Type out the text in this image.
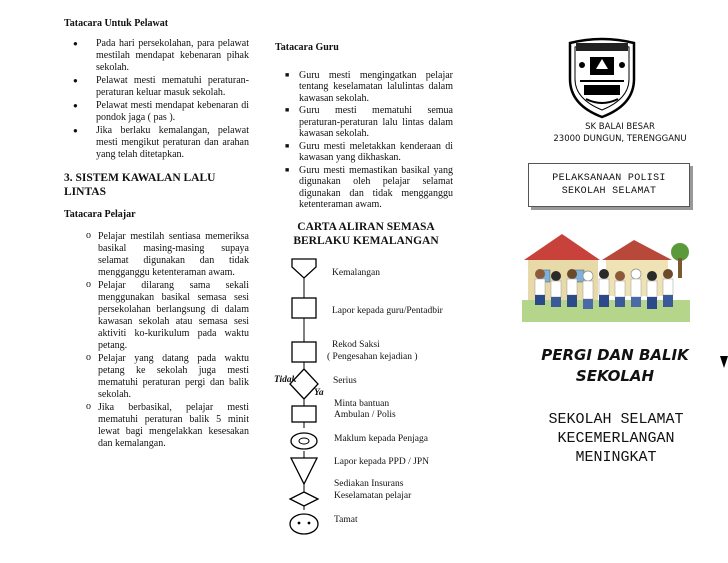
Tatacara Untuk Pelawat
● Pada hari persekolahan, para pelawat mestilah mendapat kebenaran pihak sekolah.
● Pelawat mesti mematuhi peraturan-peraturan keluar masuk sekolah.
● Pelawat mesti mendapat kebenaran di pondok jaga ( pas ).
● Jika berlaku kemalangan, pelawat mesti mengikut peraturan dan arahan yang telah ditetapkan.
3. SISTEM KAWALAN LALU LINTAS
Tatacara Pelajar
o Pelajar mestilah sentiasa memeriksa basikal masing-masing supaya selamat digunakan dan tidak mengganggu ketenteraman awam.
o Pelajar dilarang sama sekali menggunakan basikal semasa sesi persekolahan berlangsung di dalam kawasan sekolah atau semasa sesi aktiviti ko-kurikulum pada waktu petang.
o Pelajar yang datang pada waktu petang ke sekolah juga mesti mematuhi peraturan pergi dan balik sekolah.
o Jika berbasikal, pelajar mesti mematuhi peraturan balik 5 minit lewat bagi mengelakkan kesesakan dan kemalangan.
Tatacara Guru
■ Guru mesti mengingatkan pelajar tentang keselamatan lalulintas dalam kawasan sekolah.
■ Guru mesti mematuhi semua peraturan-peraturan lalu lintas dalam kawasan sekolah.
■ Guru mesti meletakkan kenderaan di kawasan yang dikhaskan.
■ Guru mesti memastikan basikal yang digunakan oleh pelajar selamat digunakan dan tidak mengganggu ketenteraman awam.
CARTA ALIRAN SEMASA BERLAKU KEMALANGAN
Kemalangan
Lapor kepada guru/Pentadbir
Rekod Saksi
( Pengesahan kejadian )
Serius
Tidak
Ya
Minta bantuan
Ambulan / Polis
Maklum kepada Penjaga
Lapor kepada PPD / JPN
Sediakan Insurans
Keselamatan pelajar
Tamat
SK BALAI BESAR
23000 DUNGUN, TERENGGANU
PELAKSANAAN POLISI
SEKOLAH SELAMAT
PERGI DAN BALIK
SEKOLAH
SEKOLAH SELAMAT
KECEMERLANGAN
MENINGKAT
